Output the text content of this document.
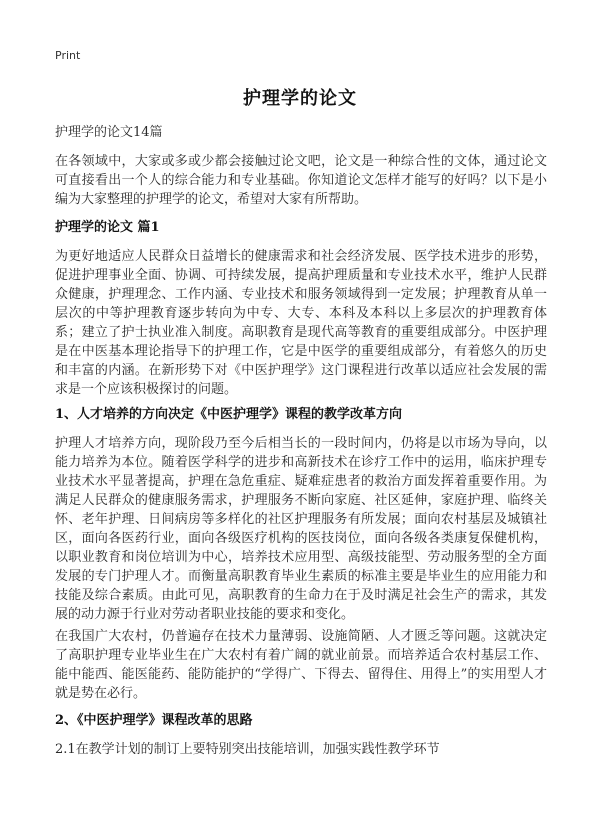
Print
护理学的论文
护理学的论文14篇

在各领域中，大家或多或少都会接触过论文吧，论文是一种综合性的文体，通过论文可直接看出一个人的综合能力和专业基础。你知道论文怎样才能写的好吗？以下是小编为大家整理的护理学的论文，希望对大家有所帮助。

护理学的论文 篇1

为更好地适应人民群众日益增长的健康需求和社会经济发展、医学技术进步的形势，促进护理事业全面、协调、可持续发展，提高护理质量和专业技术水平，维护人民群众健康，护理理念、工作内涵、专业技术和服务领域得到一定发展；护理教育从单一层次的中等护理教育逐步转向为中专、大专、本科及本科以上多层次的护理教育体系；建立了护士执业准入制度。高职教育是现代高等教育的重要组成部分。中医护理是在中医基本理论指导下的护理工作，它是中医学的重要组成部分，有着悠久的历史和丰富的内涵。在新形势下对《中医护理学》这门课程进行改革以适应社会发展的需求是一个应该积极探讨的问题。

1、人才培养的方向决定《中医护理学》课程的教学改革方向

护理人才培养方向，现阶段乃至今后相当长的一段时间内，仍将是以市场为导向，以能力培养为本位。随着医学科学的进步和高新技术在诊疗工作中的运用，临床护理专业技术水平显著提高，护理在急危重症、疑难症患者的救治方面发挥着重要作用。为满足人民群众的健康服务需求，护理服务不断向家庭、社区延伸，家庭护理、临终关怀、老年护理、日间病房等多样化的社区护理服务有所发展；面向农村基层及城镇社区，面向各医药行业，面向各级医疗机构的医技岗位，面向各级各类康复保健机构，以职业教育和岗位培训为中心，培养技术应用型、高级技能型、劳动服务型的全方面发展的专门护理人才。而衡量高职教育毕业生素质的标准主要是毕业生的应用能力和技能及综合素质。由此可见，高职教育的生命力在于及时满足社会生产的需求，其发展的动力源于行业对劳动者职业技能的要求和变化。

在我国广大农村，仍普遍存在技术力量薄弱、设施简陋、人才匮乏等问题。这就决定了高职护理专业毕业生在广大农村有着广阔的就业前景。而培养适合农村基层工作、能中能西、能医能药、能防能护的“学得广、下得去、留得住、用得上”的实用型人才就是势在必行。

2、《中医护理学》课程改革的思路

2.1在教学计划的制订上要特别突出技能培训，加强实践性教学环节
